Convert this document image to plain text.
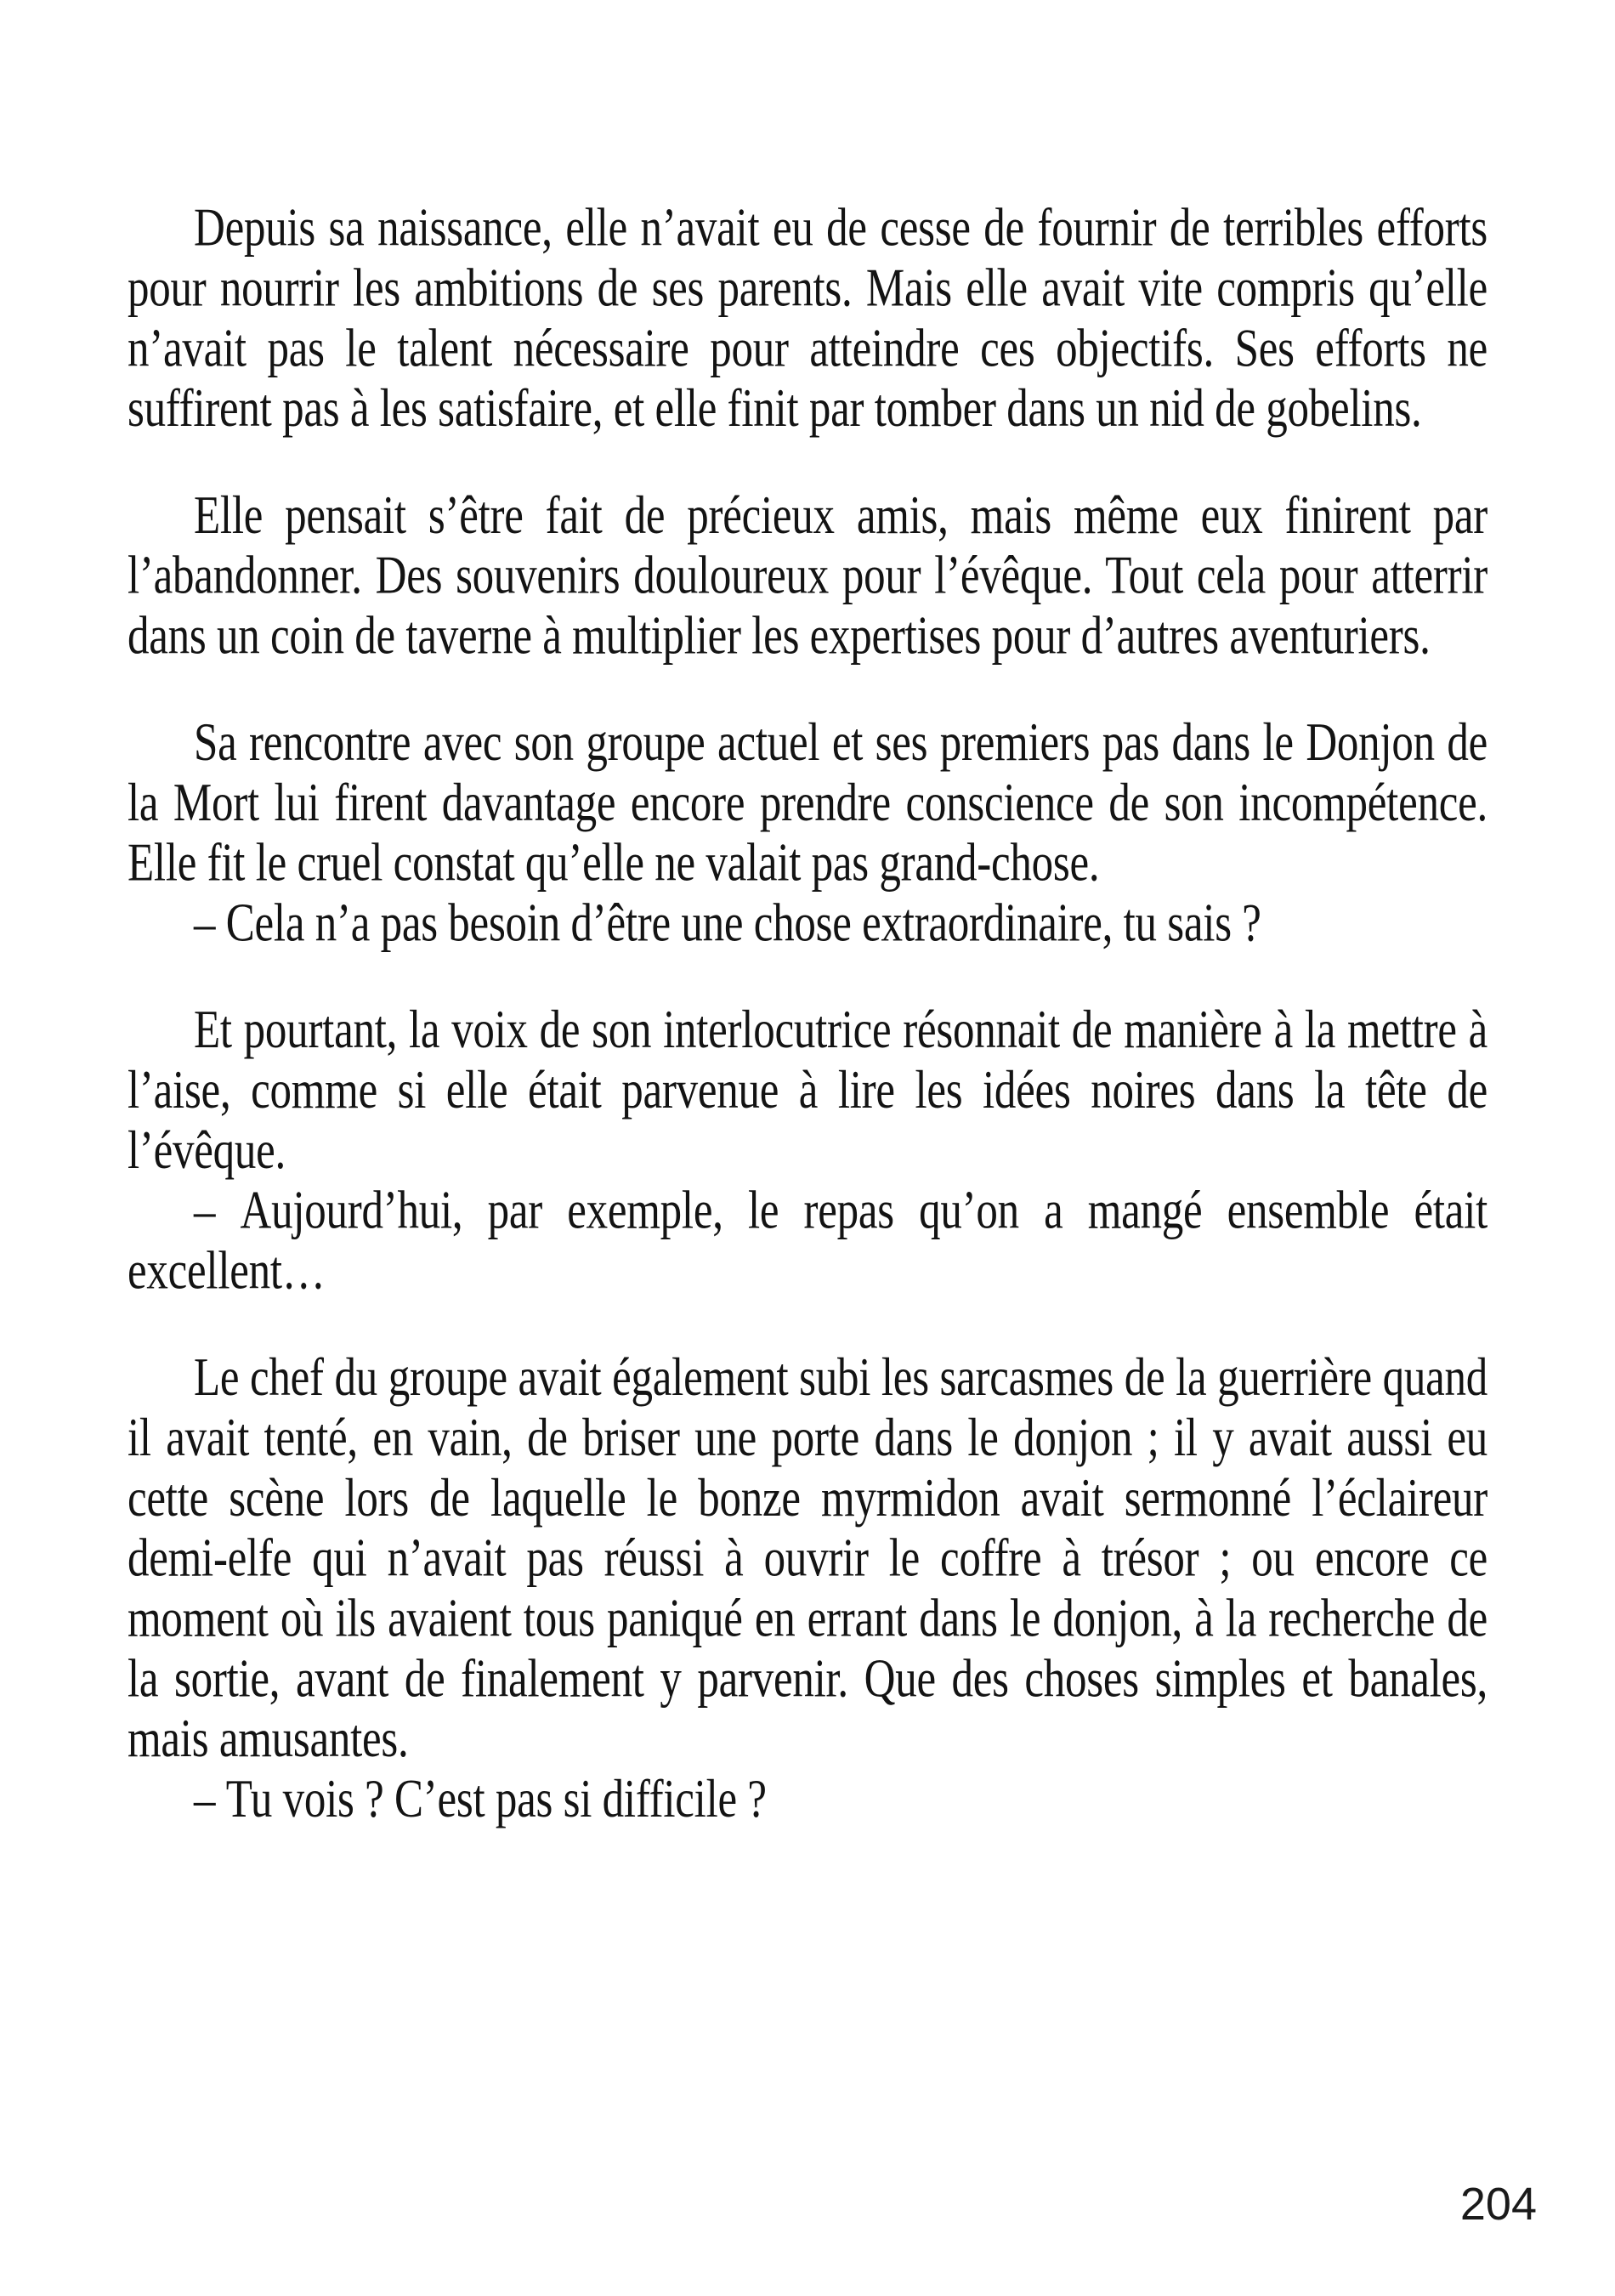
Depuis sa naissance, elle n’avait eu de cesse de fournir de terribles efforts pour nourrir les ambitions de ses parents. Mais elle avait vite compris qu’elle n’avait pas le talent nécessaire pour atteindre ces objectifs. Ses efforts ne suffirent pas à les satisfaire, et elle finit par tomber dans un nid de gobelins.

Elle pensait s’être fait de précieux amis, mais même eux finirent par l’abandonner. Des souvenirs douloureux pour l’évêque. Tout cela pour atterrir dans un coin de taverne à multiplier les expertises pour d’autres aventuriers.

Sa rencontre avec son groupe actuel et ses premiers pas dans le Donjon de la Mort lui firent davantage encore prendre conscience de son incompétence. Elle fit le cruel constat qu’elle ne valait pas grand-chose.

– Cela n’a pas besoin d’être une chose extraordinaire, tu sais ?

Et pourtant, la voix de son interlocutrice résonnait de manière à la mettre à l’aise, comme si elle était parvenue à lire les idées noires dans la tête de l’évêque.

– Aujourd’hui, par exemple, le repas qu’on a mangé ensemble était excellent…

Le chef du groupe avait également subi les sarcasmes de la guerrière quand il avait tenté, en vain, de briser une porte dans le donjon ; il y avait aussi eu cette scène lors de laquelle le bonze myrmidon avait sermonné l’éclaireur demi-elfe qui n’avait pas réussi à ouvrir le coffre à trésor ; ou encore ce moment où ils avaient tous paniqué en errant dans le donjon, à la recherche de la sortie, avant de finalement y parvenir. Que des choses simples et banales, mais amusantes.

– Tu vois ? C’est pas si difficile ?

204
